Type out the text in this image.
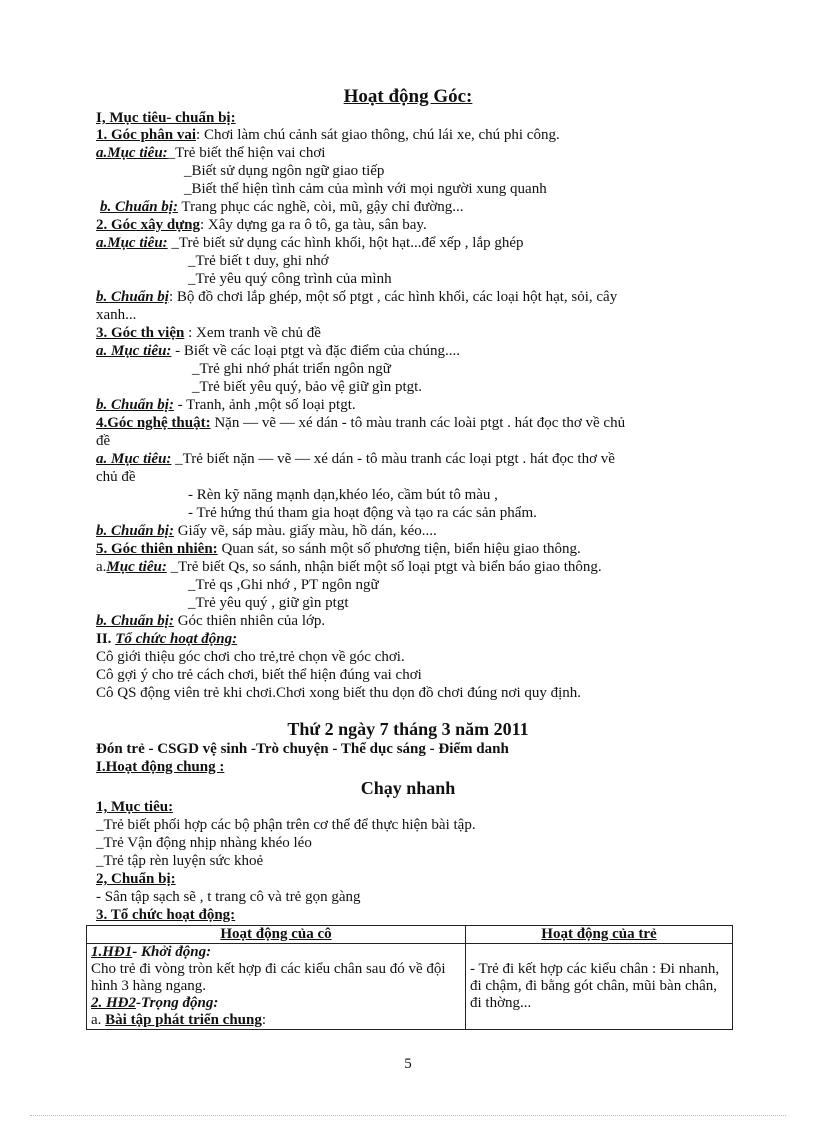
Hoạt động Góc:
I, Mục tiêu- chuẩn bị:
1. Góc phân vai: Chơi làm chú cảnh sát giao thông, chú lái xe, chú phi công.
a.Mục tiêu:_Trẻ biết thể hiện vai chơi
_Biết sử dụng ngôn ngữ giao tiếp
_Biết thể hiện tình cảm của mình với mọi người xung quanh
b. Chuẩn bị: Trang phục các nghề, còi, mũ, gậy chỉ đường...
2. Góc xây dựng: Xây dựng ga ra ô tô, ga tàu, sân bay.
a.Mục tiêu: _Trẻ biết sử dụng các hình khối, hột hạt...để xếp , lắp ghép
_Trẻ biết t duy, ghi nhớ
_Trẻ yêu quý công trình của mình
b. Chuẩn bị: Bộ đồ chơi lắp ghép, một số ptgt , các hình khối, các loại hột hạt, sỏi, cây
xanh...
3. Góc th viện : Xem tranh về chủ đề
a. Mục tiêu: - Biết về các loại ptgt và đặc điểm của chúng....
_Trẻ ghi nhớ phát triển ngôn ngữ
_Trẻ biết yêu quý, bảo vệ giữ gìn ptgt.
b. Chuẩn bị: - Tranh, ảnh ,một số loại ptgt.
4.Góc nghệ thuật: Nặn — vẽ — xé dán - tô màu tranh các loài ptgt . hát đọc thơ về chủ
đề
a. Mục tiêu: _Trẻ biết nặn — vẽ — xé dán - tô màu tranh các loại ptgt . hát đọc thơ về
chủ đề
- Rèn kỹ năng mạnh dạn,khéo léo, cầm bút tô màu ,
- Trẻ hứng thú tham gia hoạt động và tạo ra các sản phẩm.
b. Chuẩn bị: Giấy vẽ, sáp màu. giấy màu, hồ dán, kéo....
5. Góc thiên nhiên: Quan sát, so sánh một số phương tiện, biển hiệu giao thông.
a.Mục tiêu: _Trẻ biết Qs, so sánh, nhận biết một số loại ptgt và biển báo giao thông.
_Trẻ qs ,Ghi nhớ , PT ngôn ngữ
_Trẻ yêu quý , giữ gìn ptgt
b. Chuẩn bị: Góc thiên nhiên của lớp.
II. Tổ chức hoạt động:
Cô giới thiệu góc chơi cho trẻ,trẻ chọn về góc chơi.
Cô gợi ý cho trẻ cách chơi, biết thể hiện đúng vai chơi
Cô QS động viên trẻ khi chơi.Chơi xong biết thu dọn đồ chơi đúng nơi quy định.
Thứ 2 ngày 7 tháng 3 năm 2011
Đón trẻ - CSGD vệ sinh -Trò chuyện - Thể dục sáng - Điểm danh
I.Hoạt động chung :
Chạy nhanh
1, Mục tiêu:
_Trẻ biết phối hợp các bộ phận trên cơ thể để thực hiện bài tập.
_Trẻ Vận động nhịp nhàng khéo léo
_Trẻ tập rèn luyện sức khoẻ
2, Chuẩn bị:
- Sân tập sạch sẽ , t trang cô và trẻ gọn gàng
3. Tổ chức hoạt động:
Hoạt động của cô	Hoạt động của trẻ

1.HĐ1- Khởi động:
Cho trẻ đi vòng tròn kết hợp đi các kiểu chân sau đó về đội hình 3 hàng ngang.
2. HĐ2-Trọng động:
a. Bài tập phát triển chung:	- Trẻ đi kết hợp các kiểu chân : Đi nhanh, đi chậm, đi bằng gót chân, mũi bàn chân, đi thờng...
5
